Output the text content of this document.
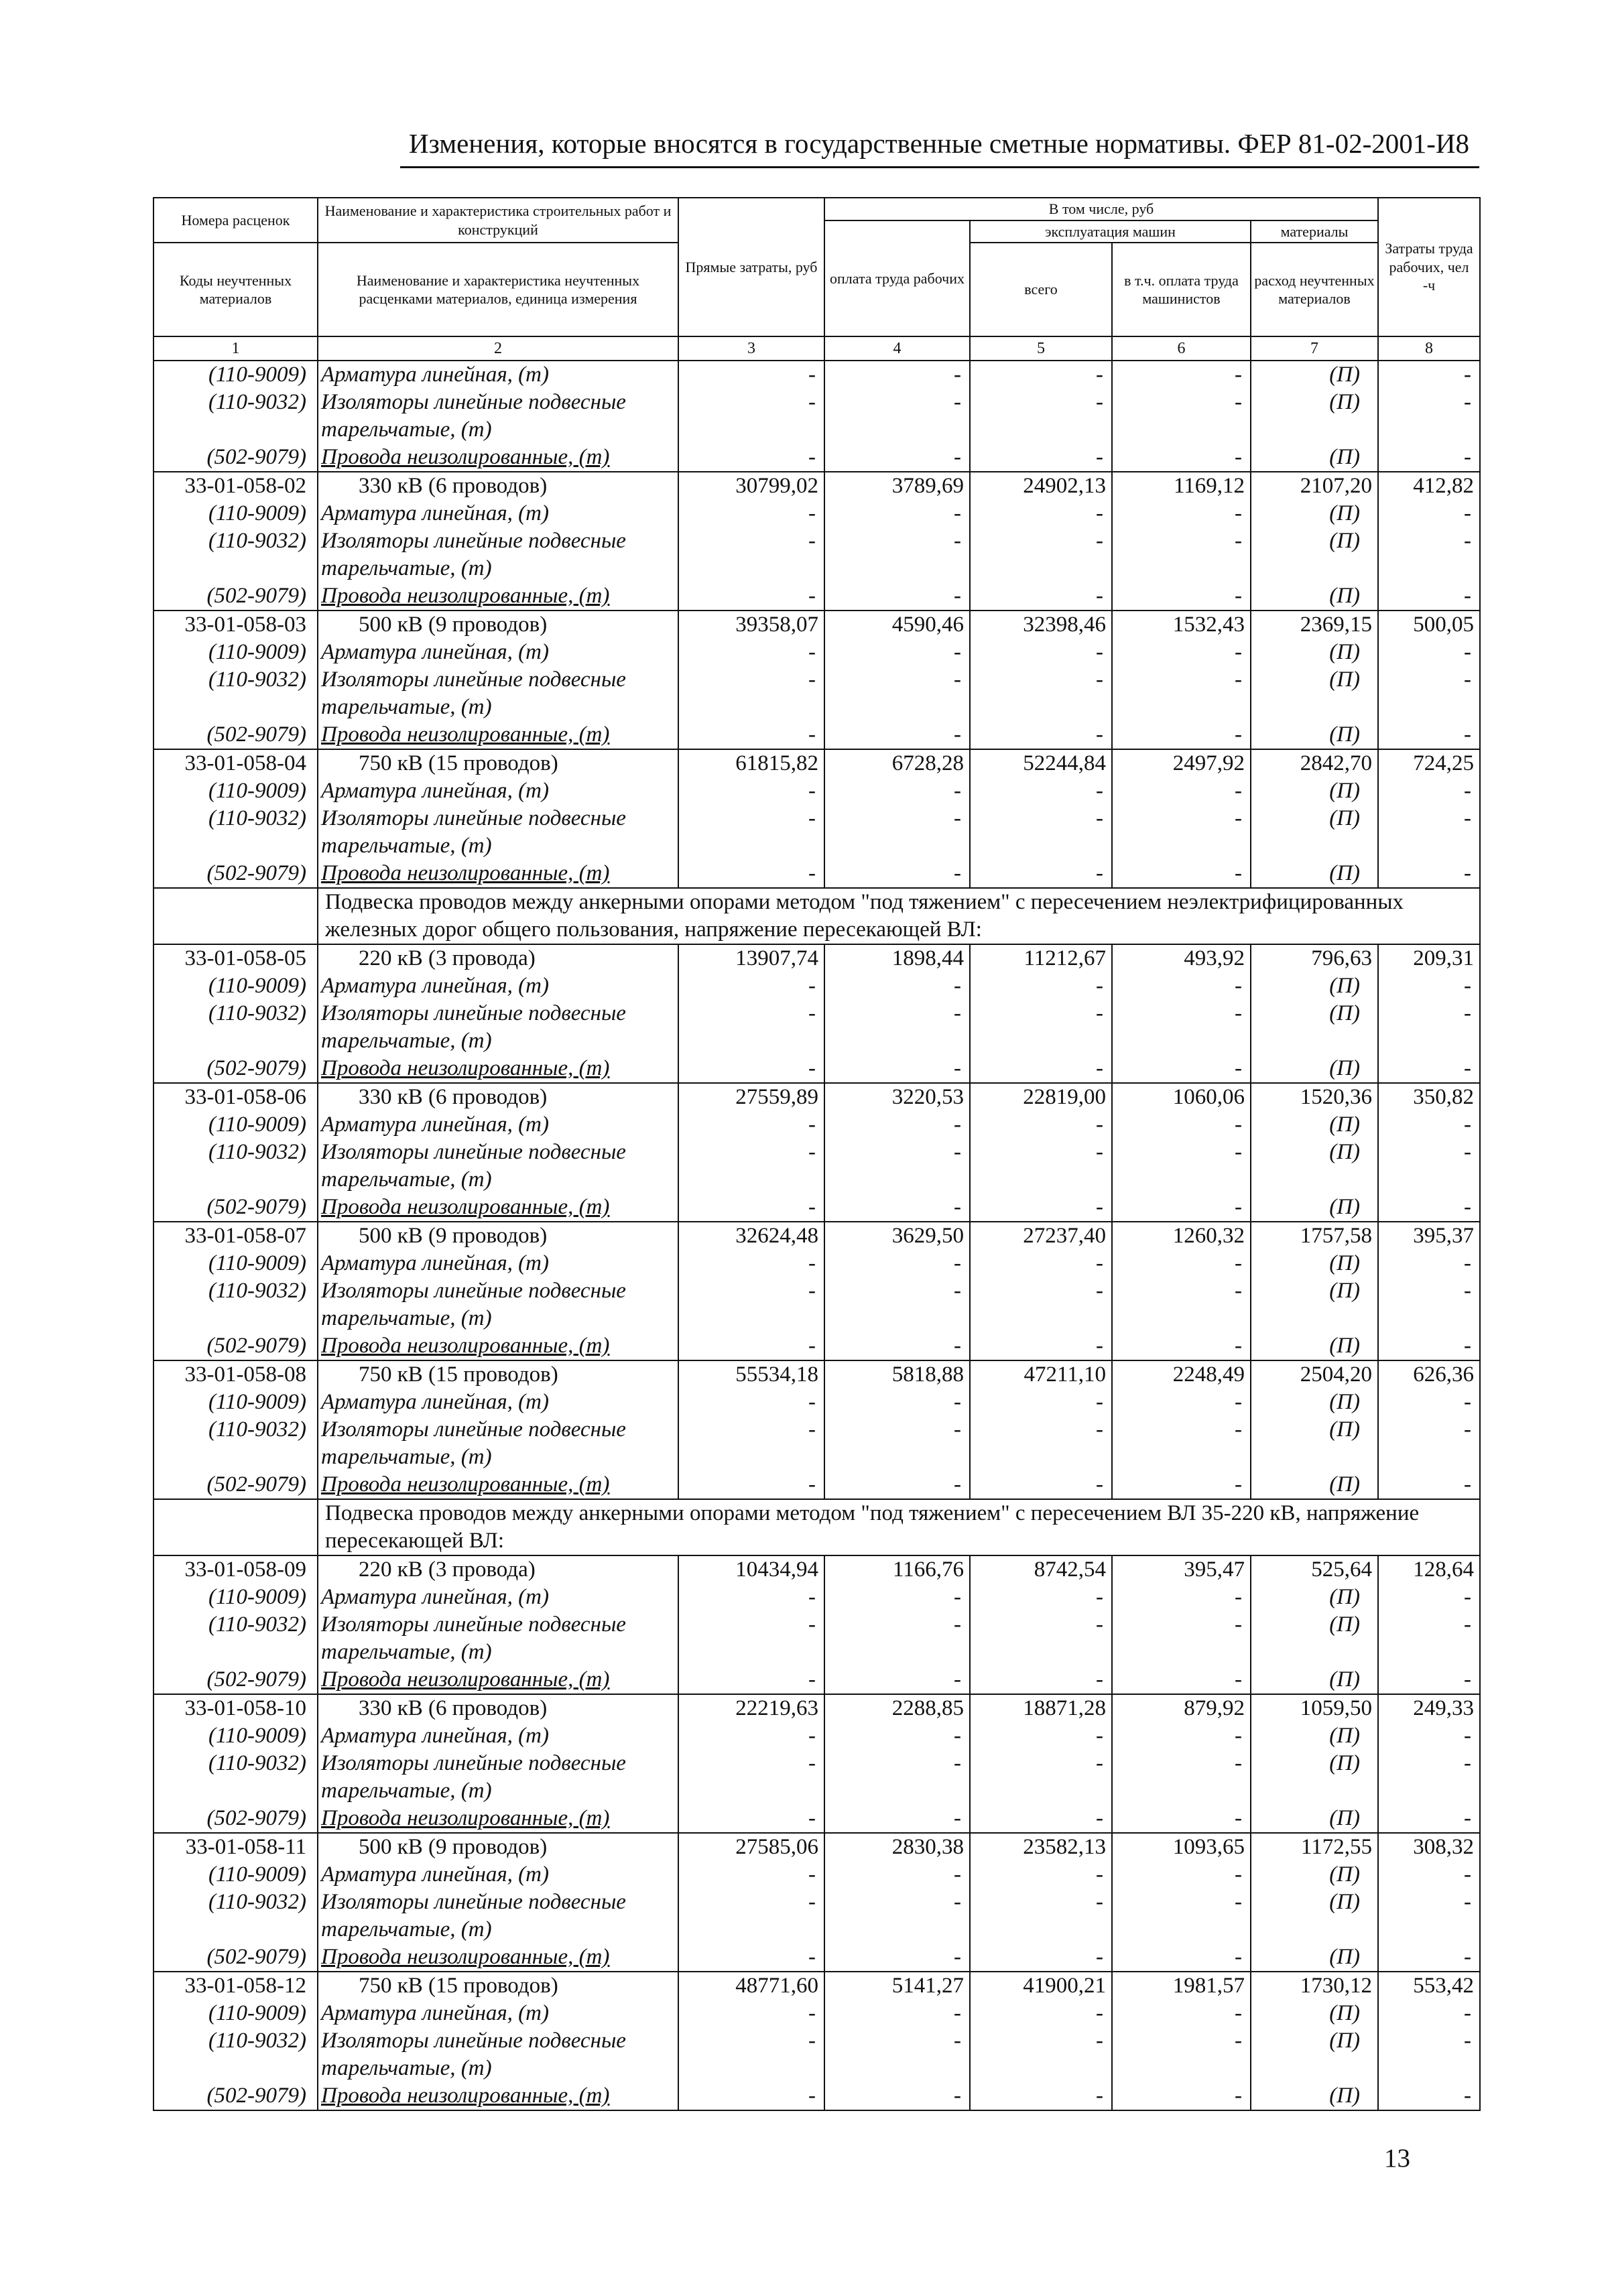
Изменения, которые вносятся в государственные сметные нормативы. ФЕР 81-02-2001-И8
Номера расценок	Наименование и характеристика строительных работ и конструкций	Прямые затраты, руб	В том числе, руб				Затраты труда рабочих, чел -ч
			оплата труда рабочих	эксплуатация машин		материалы	
Коды неучтенных материалов	Наименование и характеристика неучтенных расценками материалов, единица измерения			всего	в т.ч. оплата труда машинистов	расход неучтенных материалов	
1	2	3	4	5	6	7	8
(110-9009)	Арматура линейная, (т)	-	-	-	-	(П)	-
(110-9032)	Изоляторы линейные подвесные	-	-	-	-	(П)	-
	тарельчатые, (т)						
(502-9079)	Провода неизолированные, (т)	-	-	-	-	(П)	-
33-01-058-02	330 кВ (6 проводов)	30799,02	3789,69	24902,13	1169,12	2107,20	412,82
(110-9009)	Арматура линейная, (т)	-	-	-	-	(П)	-
(110-9032)	Изоляторы линейные подвесные	-	-	-	-	(П)	-
	тарельчатые, (т)						
(502-9079)	Провода неизолированные, (т)	-	-	-	-	(П)	-
33-01-058-03	500 кВ (9 проводов)	39358,07	4590,46	32398,46	1532,43	2369,15	500,05
(110-9009)	Арматура линейная, (т)	-	-	-	-	(П)	-
(110-9032)	Изоляторы линейные подвесные	-	-	-	-	(П)	-
	тарельчатые, (т)						
(502-9079)	Провода неизолированные, (т)	-	-	-	-	(П)	-
33-01-058-04	750 кВ (15 проводов)	61815,82	6728,28	52244,84	2497,92	2842,70	724,25
(110-9009)	Арматура линейная, (т)	-	-	-	-	(П)	-
(110-9032)	Изоляторы линейные подвесные	-	-	-	-	(П)	-
	тарельчатые, (т)						
(502-9079)	Провода неизолированные, (т)	-	-	-	-	(П)	-
	Подвеска проводов между анкерными опорами методом "под тяжением" с пересечением неэлектрифицированных железных дорог общего пользования, напряжение пересекающей ВЛ:						
33-01-058-05	220 кВ (3 провода)	13907,74	1898,44	11212,67	493,92	796,63	209,31
(110-9009)	Арматура линейная, (т)	-	-	-	-	(П)	-
(110-9032)	Изоляторы линейные подвесные	-	-	-	-	(П)	-
	тарельчатые, (т)						
(502-9079)	Провода неизолированные, (т)	-	-	-	-	(П)	-
33-01-058-06	330 кВ (6 проводов)	27559,89	3220,53	22819,00	1060,06	1520,36	350,82
(110-9009)	Арматура линейная, (т)	-	-	-	-	(П)	-
(110-9032)	Изоляторы линейные подвесные	-	-	-	-	(П)	-
	тарельчатые, (т)						
(502-9079)	Провода неизолированные, (т)	-	-	-	-	(П)	-
33-01-058-07	500 кВ (9 проводов)	32624,48	3629,50	27237,40	1260,32	1757,58	395,37
(110-9009)	Арматура линейная, (т)	-	-	-	-	(П)	-
(110-9032)	Изоляторы линейные подвесные	-	-	-	-	(П)	-
	тарельчатые, (т)						
(502-9079)	Провода неизолированные, (т)	-	-	-	-	(П)	-
33-01-058-08	750 кВ (15 проводов)	55534,18	5818,88	47211,10	2248,49	2504,20	626,36
(110-9009)	Арматура линейная, (т)	-	-	-	-	(П)	-
(110-9032)	Изоляторы линейные подвесные	-	-	-	-	(П)	-
	тарельчатые, (т)						
(502-9079)	Провода неизолированные, (т)	-	-	-	-	(П)	-
	Подвеска проводов между анкерными опорами методом "под тяжением" с пересечением ВЛ 35-220 кВ, напряжение пересекающей ВЛ:						
33-01-058-09	220 кВ (3 провода)	10434,94	1166,76	8742,54	395,47	525,64	128,64
(110-9009)	Арматура линейная, (т)	-	-	-	-	(П)	-
(110-9032)	Изоляторы линейные подвесные	-	-	-	-	(П)	-
	тарельчатые, (т)						
(502-9079)	Провода неизолированные, (т)	-	-	-	-	(П)	-
33-01-058-10	330 кВ (6 проводов)	22219,63	2288,85	18871,28	879,92	1059,50	249,33
(110-9009)	Арматура линейная, (т)	-	-	-	-	(П)	-
(110-9032)	Изоляторы линейные подвесные	-	-	-	-	(П)	-
	тарельчатые, (т)						
(502-9079)	Провода неизолированные, (т)	-	-	-	-	(П)	-
33-01-058-11	500 кВ (9 проводов)	27585,06	2830,38	23582,13	1093,65	1172,55	308,32
(110-9009)	Арматура линейная, (т)	-	-	-	-	(П)	-
(110-9032)	Изоляторы линейные подвесные	-	-	-	-	(П)	-
	тарельчатые, (т)						
(502-9079)	Провода неизолированные, (т)	-	-	-	-	(П)	-
33-01-058-12	750 кВ (15 проводов)	48771,60	5141,27	41900,21	1981,57	1730,12	553,42
(110-9009)	Арматура линейная, (т)	-	-	-	-	(П)	-
(110-9032)	Изоляторы линейные подвесные	-	-	-	-	(П)	-
	тарельчатые, (т)						
(502-9079)	Провода неизолированные, (т)	-	-	-	-	(П)	-
13
